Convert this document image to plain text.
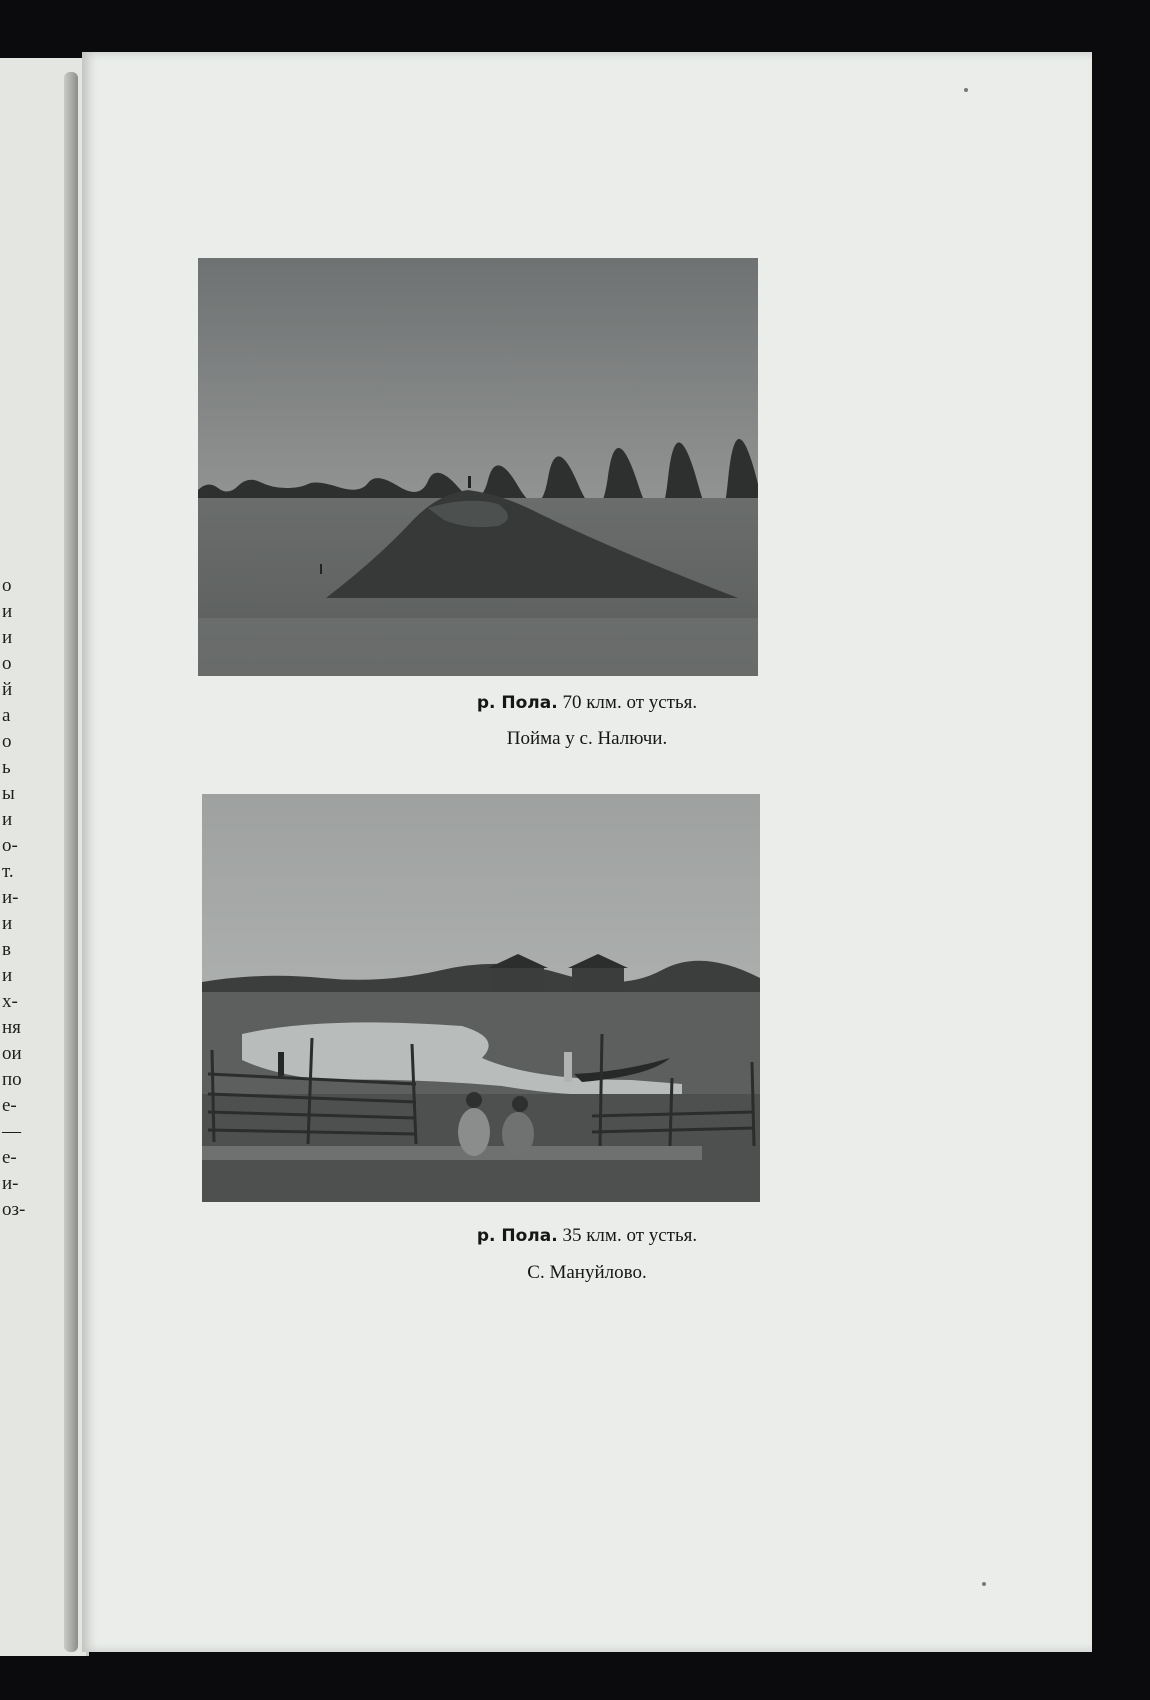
о
и
и
о
й
а
о
ь
ы
и
о-
т.
и-
и
в
и
х-
ня
ои
по
е-
—
е-
и-
оз-
р. Пола. 70 клм. от устья.
Пойма у с. Налючи.
р. Пола. 35 клм. от устья.
С. Мануйлово.
